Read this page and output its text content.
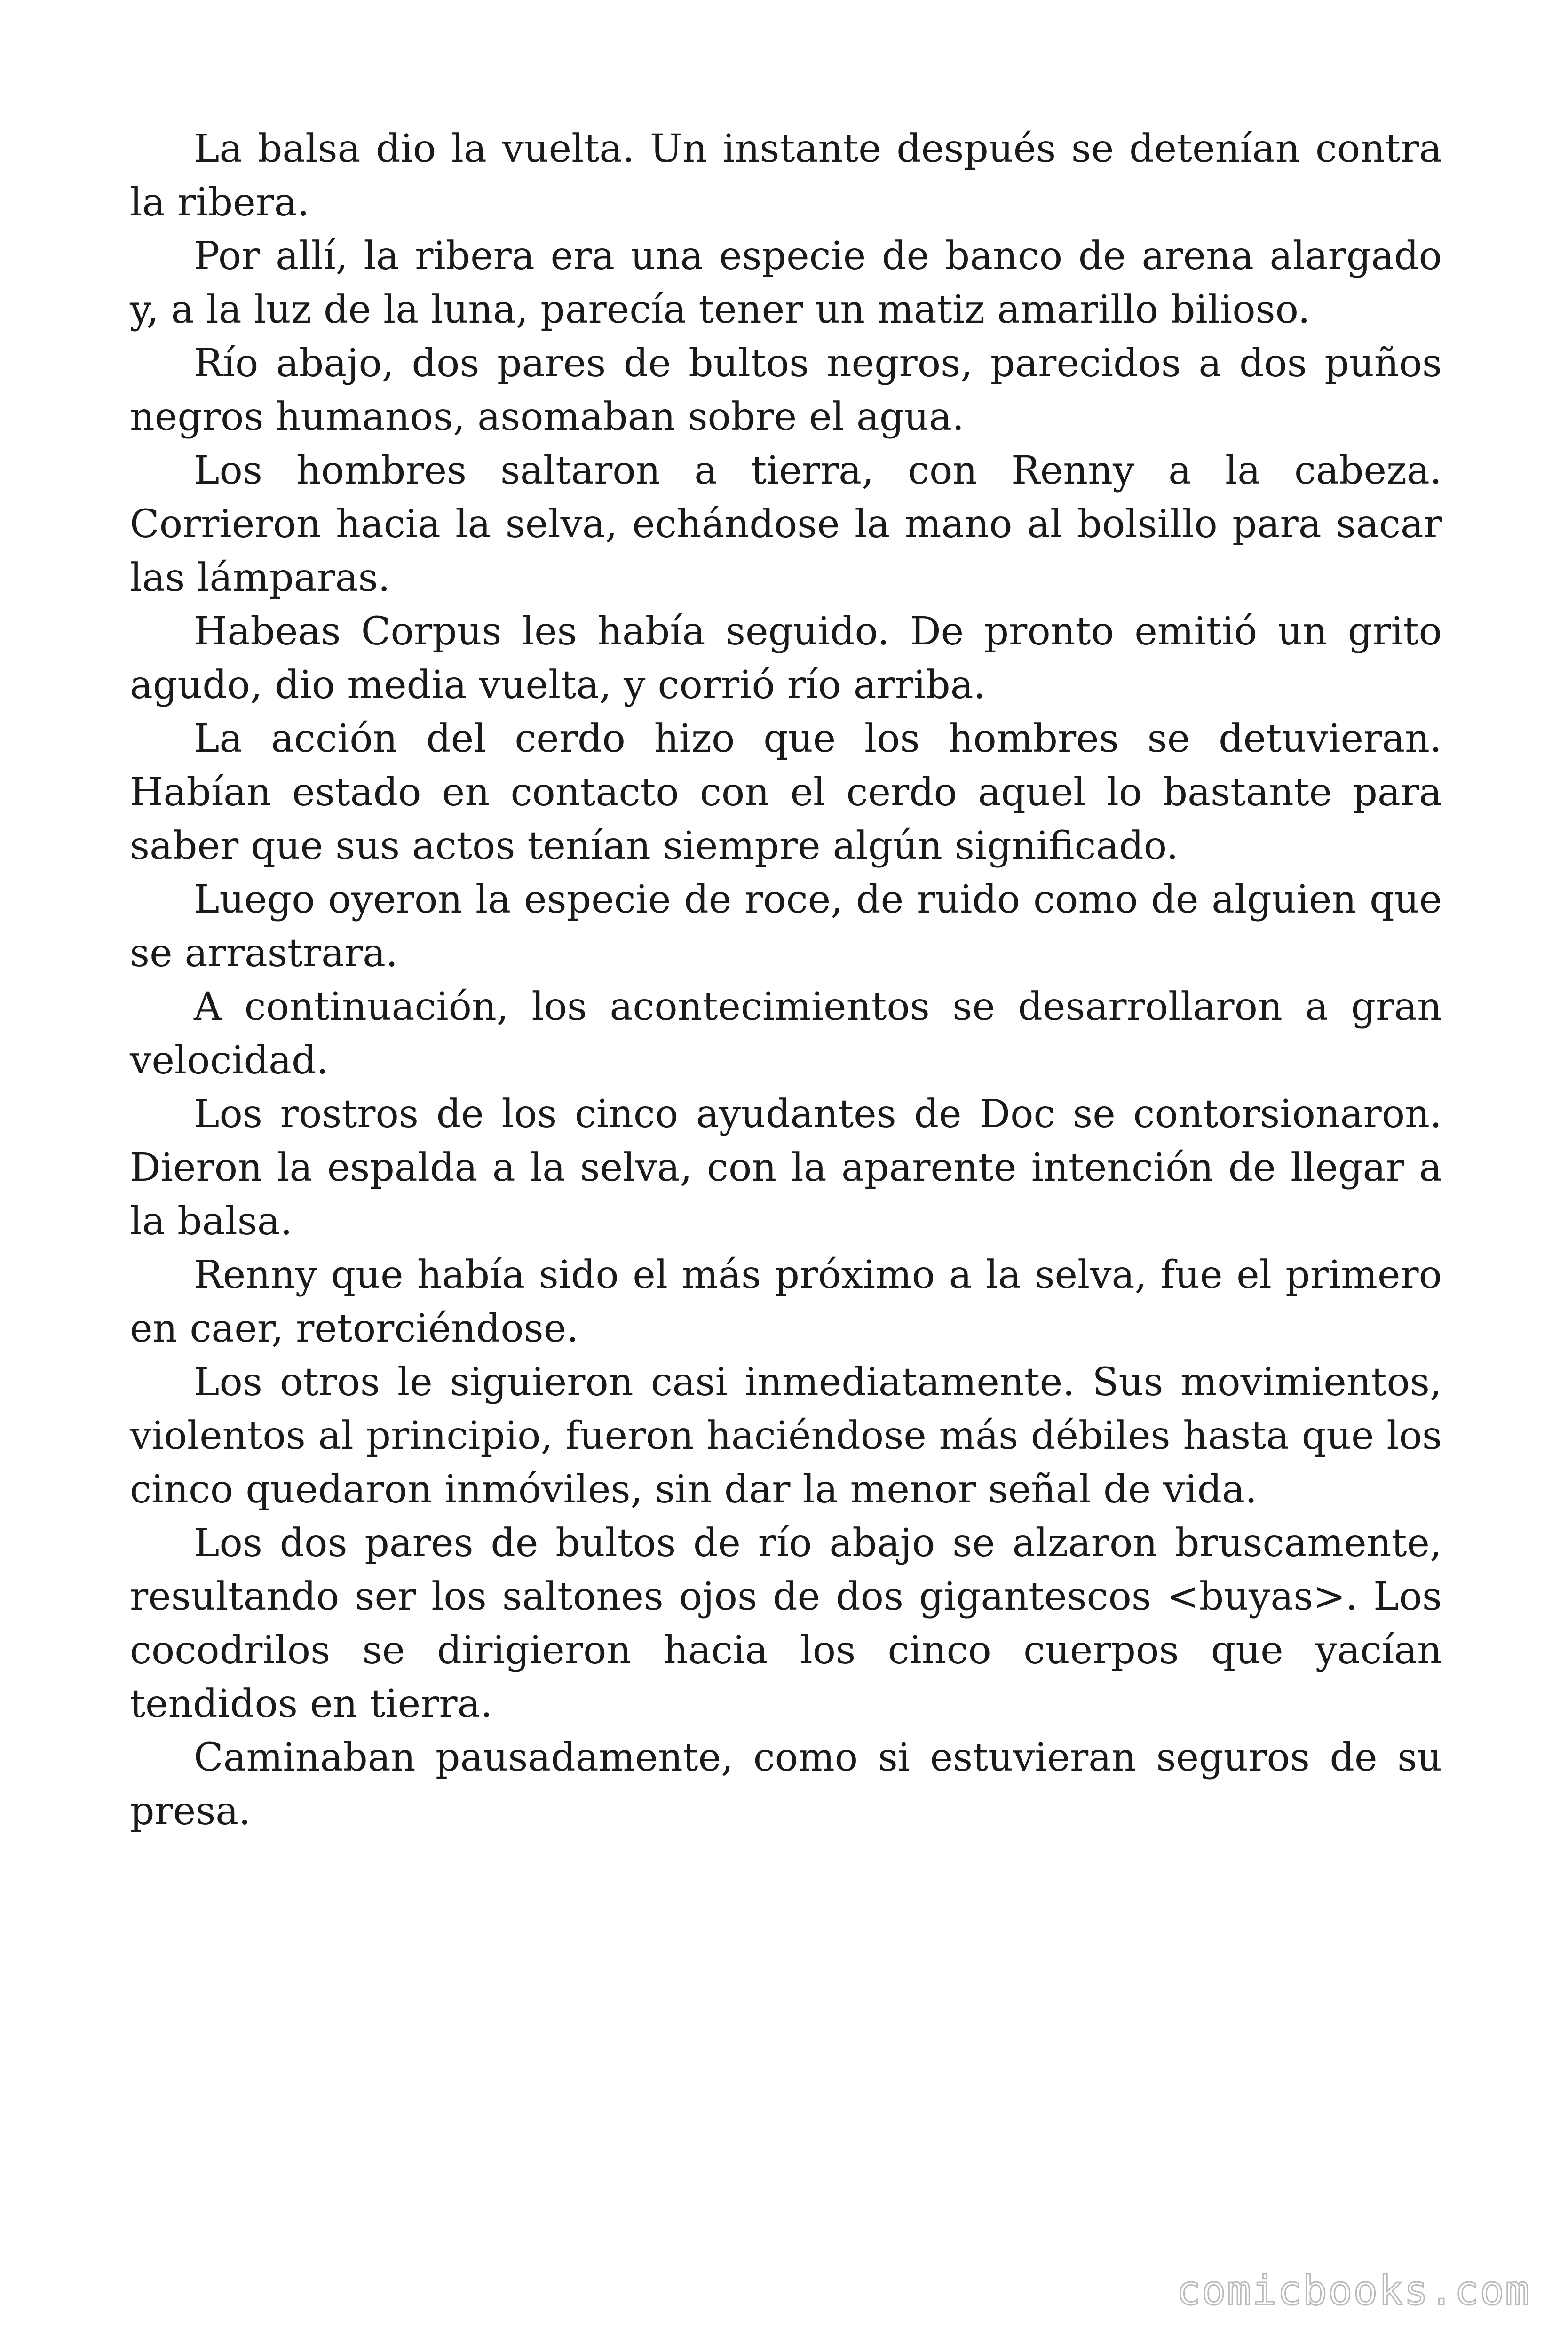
La balsa dio la vuelta. Un instante después se detenían contra la ribera.

Por allí, la ribera era una especie de banco de arena alargado y, a la luz de la luna, parecía tener un matiz amarillo bilioso.

Río abajo, dos pares de bultos negros, parecidos a dos puños negros humanos, asomaban sobre el agua.

Los hombres saltaron a tierra, con Renny a la cabeza. Corrieron hacia la selva, echándose la mano al bolsillo para sacar las lámparas.

Habeas Corpus les había seguido. De pronto emitió un grito agudo, dio media vuelta, y corrió río arriba.

La acción del cerdo hizo que los hombres se detuvieran. Habían estado en contacto con el cerdo aquel lo bastante para saber que sus actos tenían siempre algún significado.

Luego oyeron la especie de roce, de ruido como de alguien que se arrastrara.

A continuación, los acontecimientos se desarrollaron a gran velocidad.

Los rostros de los cinco ayudantes de Doc se contorsionaron. Dieron la espalda a la selva, con la aparente intención de llegar a la balsa.

Renny que había sido el más próximo a la selva, fue el primero en caer, retorciéndose.

Los otros le siguieron casi inmediatamente. Sus movimientos, violentos al principio, fueron haciéndose más débiles hasta que los cinco quedaron inmóviles, sin dar la menor señal de vida.

Los dos pares de bultos de río abajo se alzaron bruscamente, resultando ser los saltones ojos de dos gigantescos <buyas>. Los cocodrilos se dirigieron hacia los cinco cuerpos que yacían tendidos en tierra.

Caminaban pausadamente, como si estuvieran seguros de su presa.

comicbooks.com
